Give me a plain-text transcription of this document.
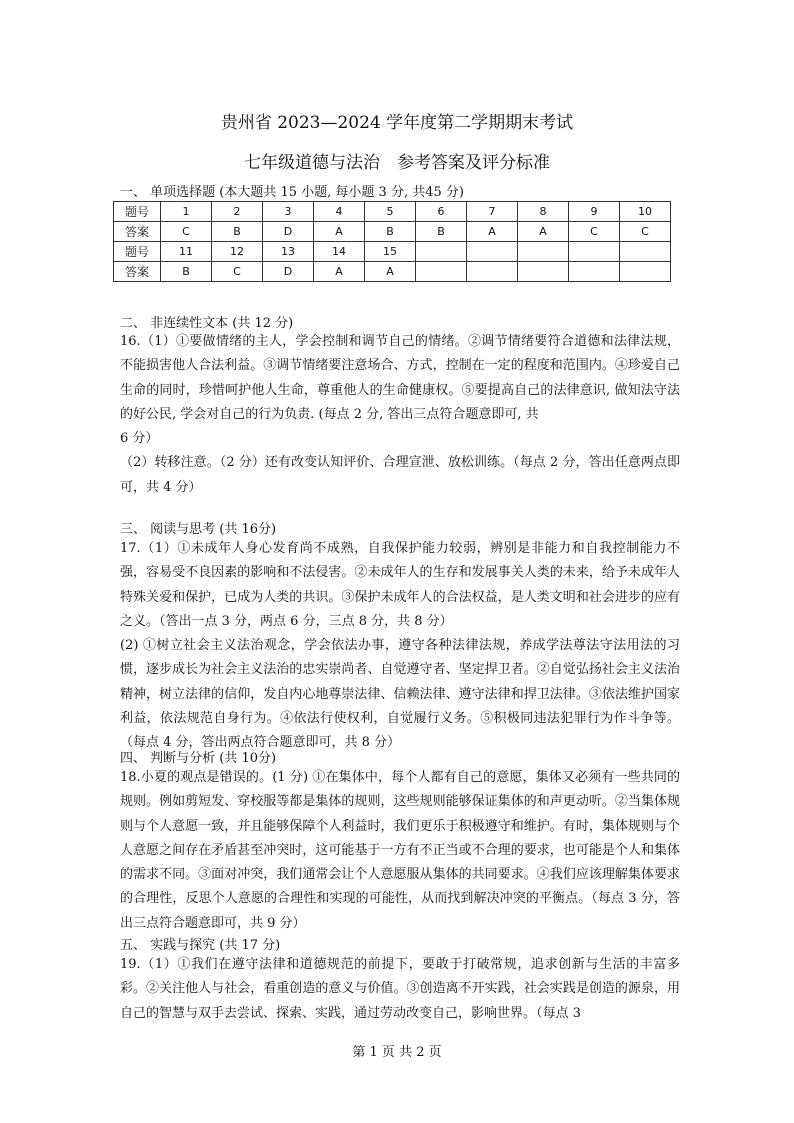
贵州省 2023—2024 学年度第二学期期末考试
七年级道德与法治　参考答案及评分标准
一、 单项选择题 (本大题共 15 小题, 每小题 3 分, 共45 分)
题号	1	2	3	4	5	6	7	8	9	10
答案	C	B	D	A	B	B	A	A	C	C
题号	11	12	13	14	15					
答案	B	C	D	A	A					
二、 非连续性文本 (共 12 分)

16.（1）①要做情绪的主人，学会控制和调节自己的情绪。②调节情绪要符合道德和法律法规，不能损害他人合法利益。③调节情绪要注意场合、方式，控制在一定的程度和范围内。④珍爱自己生命的同时，珍惜呵护他人生命，尊重他人的生命健康权。⑤要提高自己的法律意识, 做知法守法的好公民, 学会对自己的行为负责. (每点 2 分, 答出三点符合题意即可, 共

6 分）

（2）转移注意。（2 分）还有改变认知评价、合理宣泄、放松训练。（每点 2 分，答出任意两点即可，共 4 分）

三、 阅读与思考 (共 16分)

17.（1）①未成年人身心发育尚不成熟，自我保护能力较弱，辨别是非能力和自我控制能力不强，容易受不良因素的影响和不法侵害。②未成年人的生存和发展事关人类的未来，给予未成年人特殊关爱和保护，已成为人类的共识。③保护未成年人的合法权益，是人类文明和社会进步的应有之义。（答出一点 3 分，两点 6 分，三点 8 分，共 8 分）

(2) ①树立社会主义法治观念，学会依法办事，遵守各种法律法规，养成学法尊法守法用法的习惯，逐步成长为社会主义法治的忠实崇尚者、自觉遵守者、坚定捍卫者。②自觉弘扬社会主义法治精神，树立法律的信仰，发自内心地尊崇法律、信赖法律、遵守法律和捍卫法律。③依法维护国家利益，依法规范自身行为。④依法行使权利，自觉履行义务。⑤积极同违法犯罪行为作斗争等。（每点 4 分，答出两点符合题意即可，共 8 分）

四、 判断与分析 (共 10分)

18.小夏的观点是错误的。(1 分) ①在集体中，每个人都有自己的意愿，集体又必须有一些共同的规则。例如剪短发、穿校服等都是集体的规则，这些规则能够保证集体的和声更动听。②当集体规则与个人意愿一致，并且能够保障个人利益时，我们更乐于积极遵守和维护。有时，集体规则与个人意愿之间存在矛盾甚至冲突时，这可能基于一方有不正当或不合理的要求，也可能是个人和集体的需求不同。③面对冲突，我们通常会让个人意愿服从集体的共同要求。④我们应该理解集体要求的合理性，反思个人意愿的合理性和实现的可能性，从而找到解决冲突的平衡点。（每点 3 分，答出三点符合题意即可，共 9 分）

五、 实践与探究 (共 17 分)

19.（1）①我们在遵守法律和道德规范的前提下，要敢于打破常规，追求创新与生活的丰富多彩。②关注他人与社会，看重创造的意义与价值。③创造离不开实践，社会实践是创造的源泉，用自己的智慧与双手去尝试、探索、实践，通过劳动改变自己，影响世界。（每点 3

第 1 页 共 2 页
